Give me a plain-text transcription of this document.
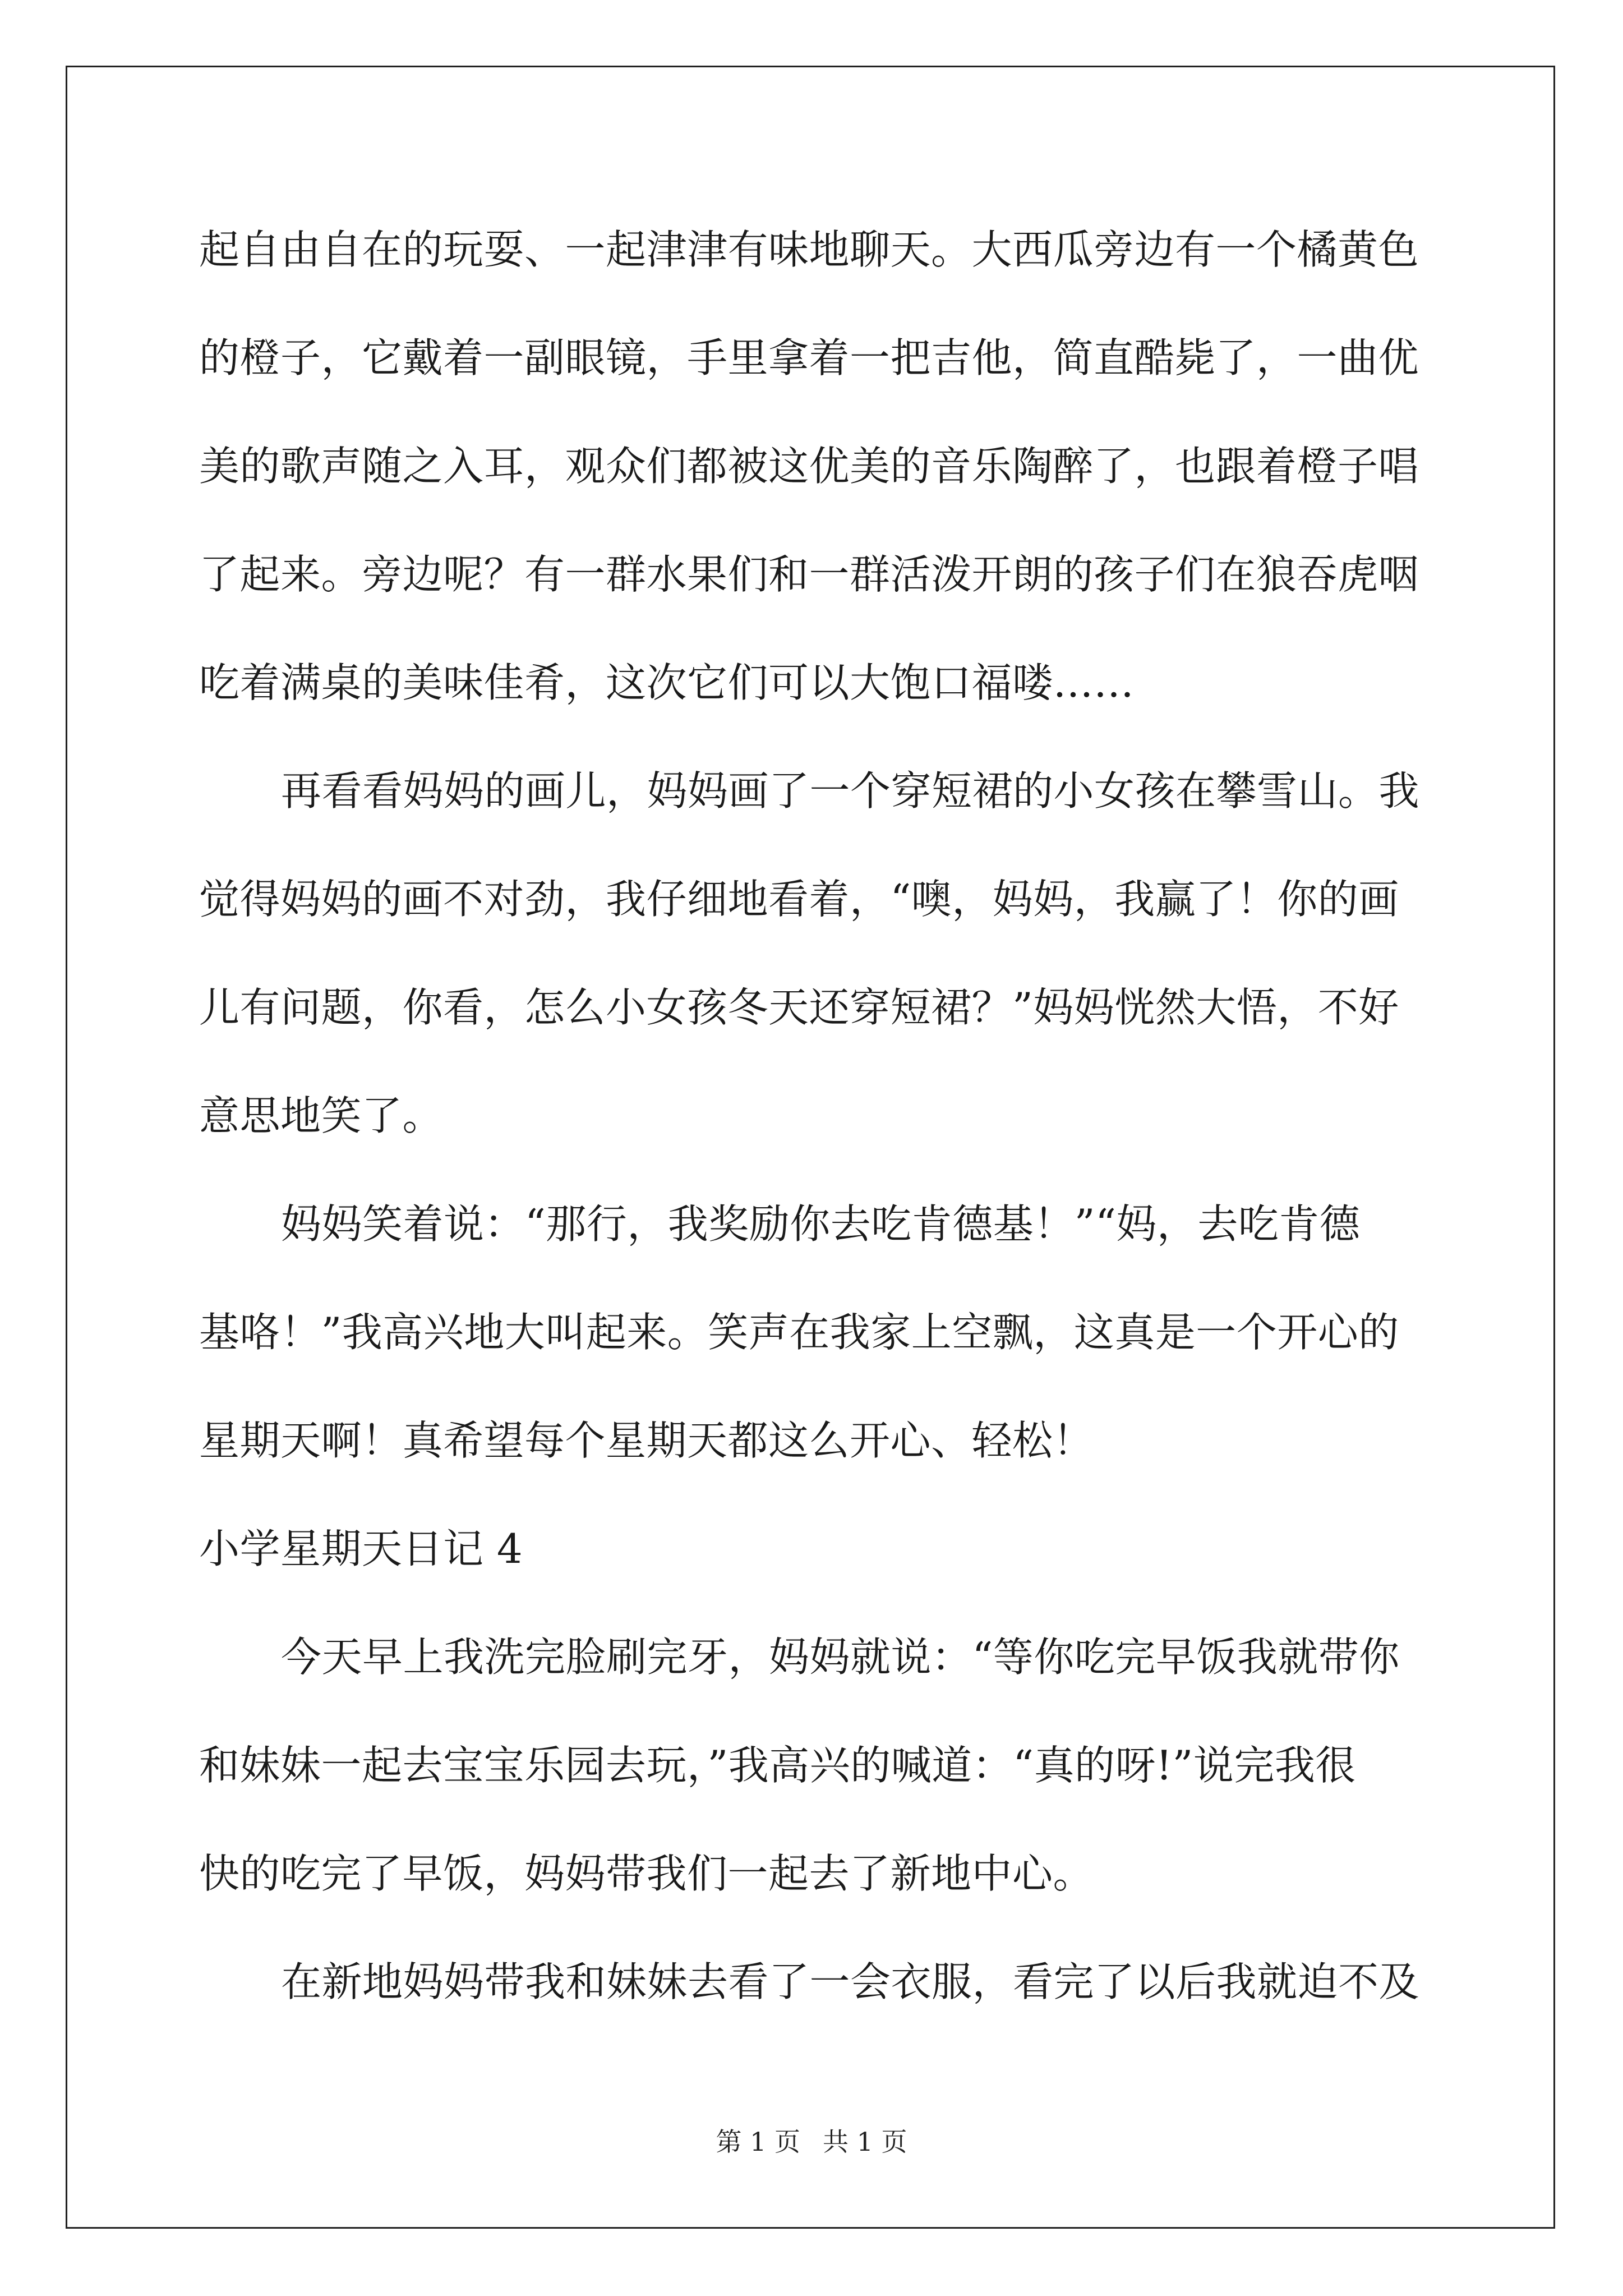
起自由自在的玩耍、一起津津有味地聊天。大西瓜旁边有一个橘黄色
的橙子，它戴着一副眼镜，手里拿着一把吉他，简直酷毙了，一曲优
美的歌声随之入耳，观众们都被这优美的音乐陶醉了，也跟着橙子唱
了起来。旁边呢？有一群水果们和一群活泼开朗的孩子们在狼吞虎咽
吃着满桌的美味佳肴，这次它们可以大饱口福喽……
再看看妈妈的画儿，妈妈画了一个穿短裙的小女孩在攀雪山。我
觉得妈妈的画不对劲，我仔细地看着，“噢，妈妈，我赢了！你的画
儿有问题，你看，怎么小女孩冬天还穿短裙？”妈妈恍然大悟，不好
意思地笑了。
妈妈笑着说：“那行，我奖励你去吃肯德基！”“妈，去吃肯德
基咯！”我高兴地大叫起来。笑声在我家上空飘，这真是一个开心的
星期天啊！真希望每个星期天都这么开心、轻松！
小学星期天日记 4
今天早上我洗完脸刷完牙，妈妈就说：“等你吃完早饭我就带你
和妹妹一起去宝宝乐园去玩，”我高兴的喊道：“真的呀!”说完我很
快的吃完了早饭，妈妈带我们一起去了新地中心。
在新地妈妈带我和妹妹去看了一会衣服，看完了以后我就迫不及
第 1 页 共 1 页
